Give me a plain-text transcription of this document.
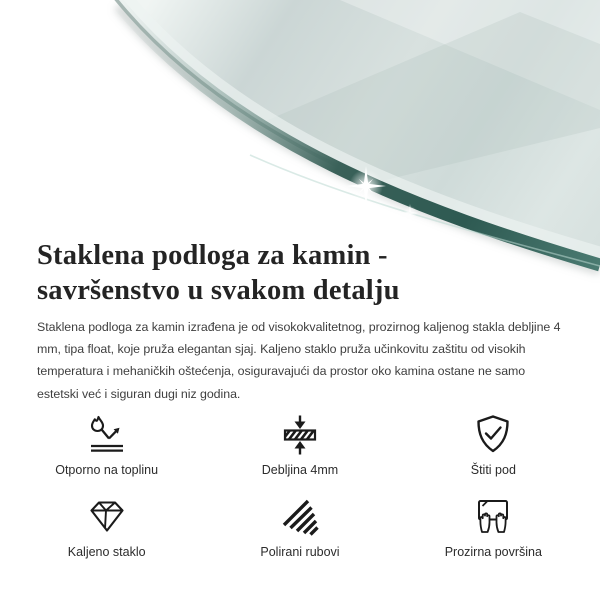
Staklena podloga za kamin -
savršenstvo u svakom detalju

Staklena podloga za kamin izrađena je od visokokvalitetnog, prozirnog kaljenog stakla debljine 4 mm, tipa float, koje pruža elegantan sjaj. Kaljeno staklo pruža učinkovitu zaštitu od visokih temperatura i mehaničkih oštećenja, osiguravajući da prostor oko kamina ostane ne samo estetski već i siguran dugi niz godina.

Otporno na toplinu	Debljina 4mm	Štiti pod
Kaljeno staklo	Polirani rubovi	Prozirna površina
